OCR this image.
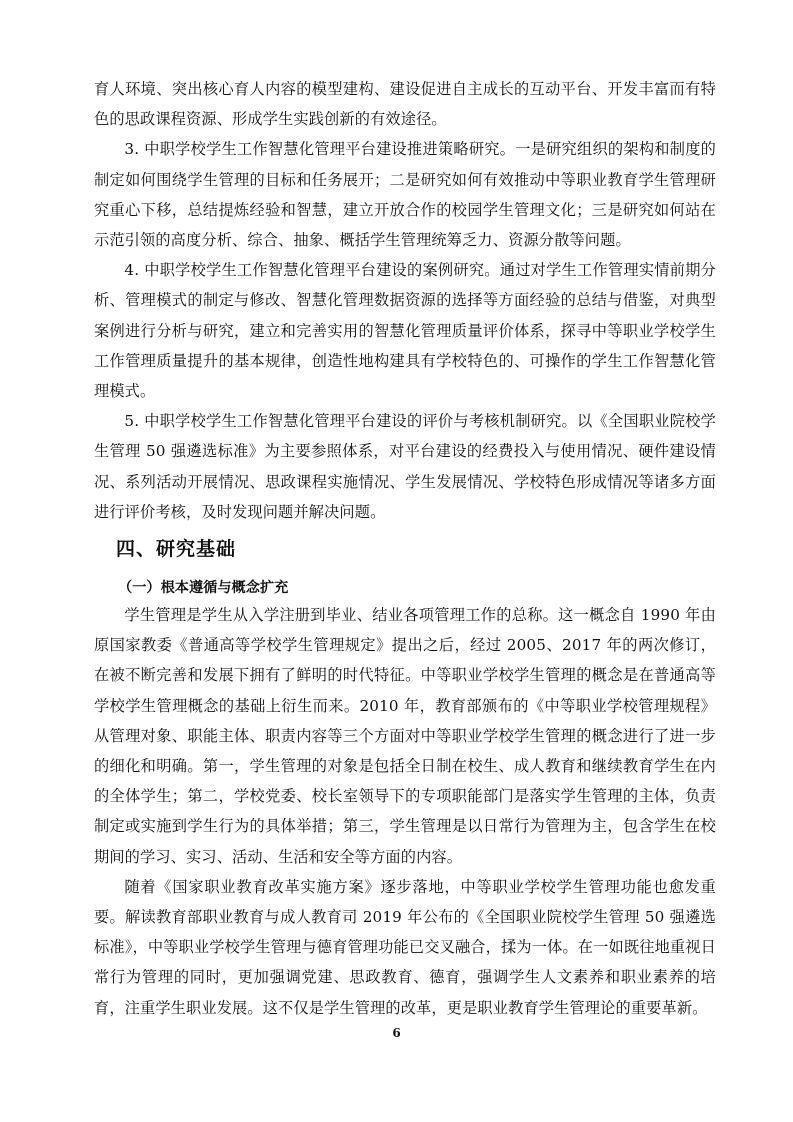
育人环境、突出核心育人内容的模型建构、建设促进自主成长的互动平台、开发丰富而有特色的思政课程资源、形成学生实践创新的有效途径。

3. 中职学校学生工作智慧化管理平台建设推进策略研究。一是研究组织的架构和制度的制定如何围绕学生管理的目标和任务展开；二是研究如何有效推动中等职业教育学生管理研究重心下移，总结提炼经验和智慧，建立开放合作的校园学生管理文化；三是研究如何站在示范引领的高度分析、综合、抽象、概括学生管理统筹乏力、资源分散等问题。

4. 中职学校学生工作智慧化管理平台建设的案例研究。通过对学生工作管理实情前期分析、管理模式的制定与修改、智慧化管理数据资源的选择等方面经验的总结与借鉴，对典型案例进行分析与研究，建立和完善实用的智慧化管理质量评价体系，探寻中等职业学校学生工作管理质量提升的基本规律，创造性地构建具有学校特色的、可操作的学生工作智慧化管理模式。

5. 中职学校学生工作智慧化管理平台建设的评价与考核机制研究。以《全国职业院校学生管理 50 强遴选标准》为主要参照体系，对平台建设的经费投入与使用情况、硬件建设情况、系列活动开展情况、思政课程实施情况、学生发展情况、学校特色形成情况等诸多方面进行评价考核，及时发现问题并解决问题。

四、研究基础
（一）根本遵循与概念扩充

学生管理是学生从入学注册到毕业、结业各项管理工作的总称。这一概念自 1990 年由原国家教委《普通高等学校学生管理规定》提出之后，经过 2005、2017 年的两次修订，在被不断完善和发展下拥有了鲜明的时代特征。中等职业学校学生管理的概念是在普通高等学校学生管理概念的基础上衍生而来。2010 年，教育部颁布的《中等职业学校管理规程》从管理对象、职能主体、职责内容等三个方面对中等职业学校学生管理的概念进行了进一步的细化和明确。第一，学生管理的对象是包括全日制在校生、成人教育和继续教育学生在内的全体学生；第二，学校党委、校长室领导下的专项职能部门是落实学生管理的主体，负责制定或实施到学生行为的具体举措；第三，学生管理是以日常行为管理为主，包含学生在校期间的学习、实习、活动、生活和安全等方面的内容。

随着《国家职业教育改革实施方案》逐步落地，中等职业学校学生管理功能也愈发重要。解读教育部职业教育与成人教育司 2019 年公布的《全国职业院校学生管理 50 强遴选标准》，中等职业学校学生管理与德育管理功能已交叉融合，揉为一体。在一如既往地重视日常行为管理的同时，更加强调党建、思政教育、德育，强调学生人文素养和职业素养的培育，注重学生职业发展。这不仅是学生管理的改革，更是职业教育学生管理论的重要革新。

6
